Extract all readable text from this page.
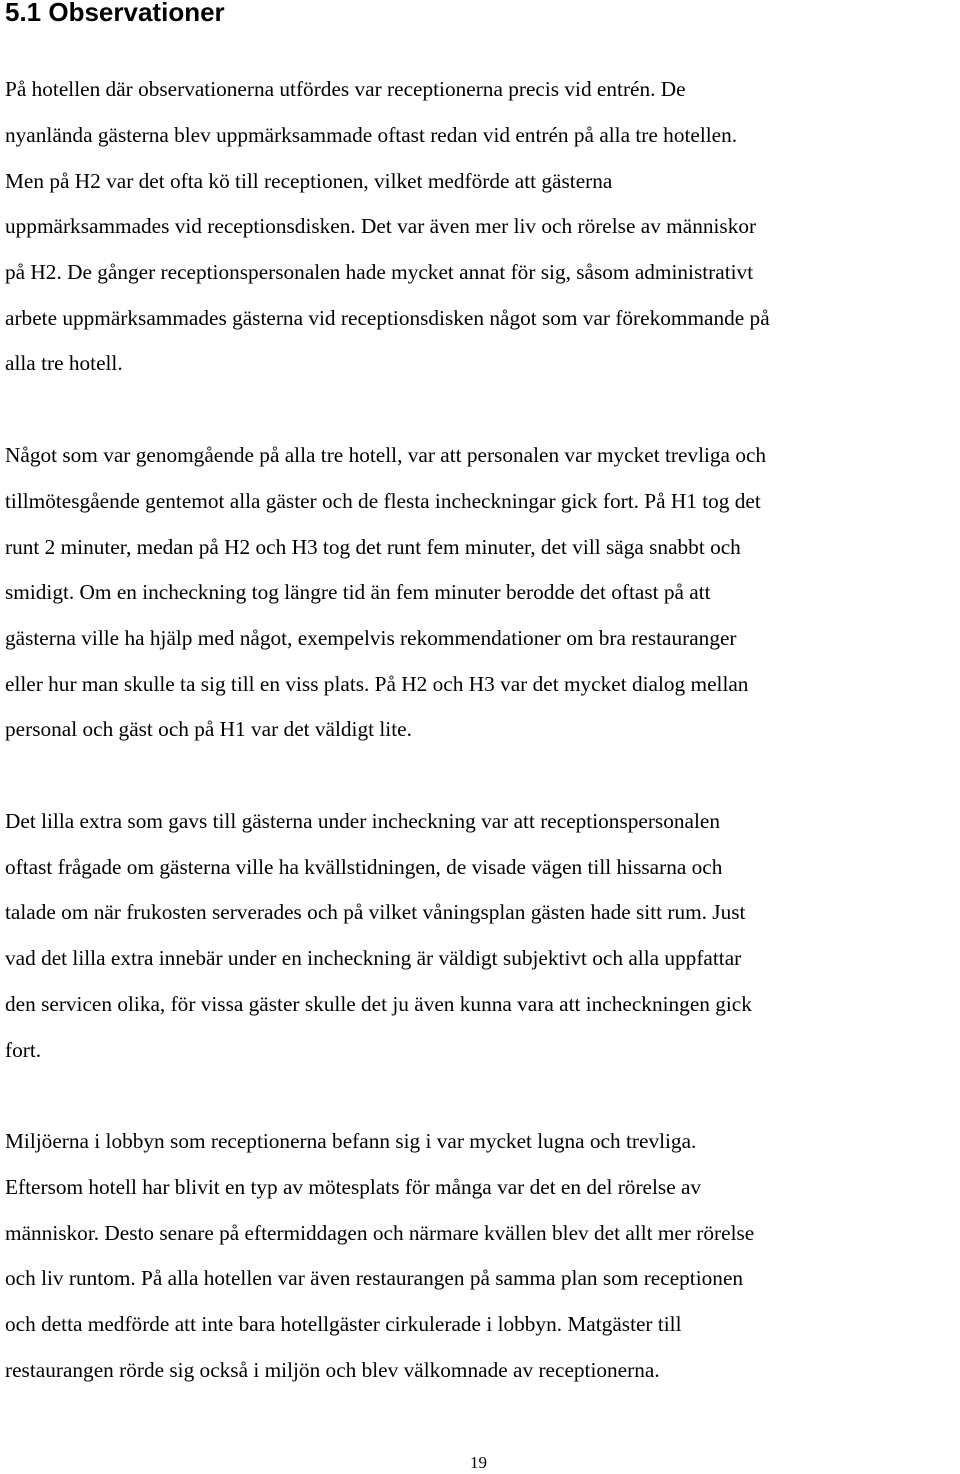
5.1 Observationer

På hotellen där observationerna utfördes var receptionerna precis vid entrén. De

nyanlända gästerna blev uppmärksammade oftast redan vid entrén på alla tre hotellen.

Men på H2 var det ofta kö till receptionen, vilket medförde att gästerna

uppmärksammades vid receptionsdisken. Det var även mer liv och rörelse av människor

på H2. De gånger receptionspersonalen hade mycket annat för sig, såsom administrativt

arbete uppmärksammades gästerna vid receptionsdisken något som var förekommande på

alla tre hotell.

Något som var genomgående på alla tre hotell, var att personalen var mycket trevliga och

tillmötesgående gentemot alla gäster och de flesta incheckningar gick fort. På H1 tog det

runt 2 minuter, medan på H2 och H3 tog det runt fem minuter, det vill säga snabbt och

smidigt. Om en incheckning tog längre tid än fem minuter berodde det oftast på att

gästerna ville ha hjälp med något, exempelvis rekommendationer om bra restauranger

eller hur man skulle ta sig till en viss plats. På H2 och H3 var det mycket dialog mellan

personal och gäst och på H1 var det väldigt lite.

Det lilla extra som gavs till gästerna under incheckning var att receptionspersonalen

oftast frågade om gästerna ville ha kvällstidningen, de visade vägen till hissarna och

talade om när frukosten serverades och på vilket våningsplan gästen hade sitt rum. Just

vad det lilla extra innebär under en incheckning är väldigt subjektivt och alla uppfattar

den servicen olika, för vissa gäster skulle det ju även kunna vara att incheckningen gick

fort.

Miljöerna i lobbyn som receptionerna befann sig i var mycket lugna och trevliga.

Eftersom hotell har blivit en typ av mötesplats för många var det en del rörelse av

människor. Desto senare på eftermiddagen och närmare kvällen blev det allt mer rörelse

och liv runtom. På alla hotellen var även restaurangen på samma plan som receptionen

och detta medförde att inte bara hotellgäster cirkulerade i lobbyn. Matgäster till

restaurangen rörde sig också i miljön och blev välkomnade av receptionerna.

19
